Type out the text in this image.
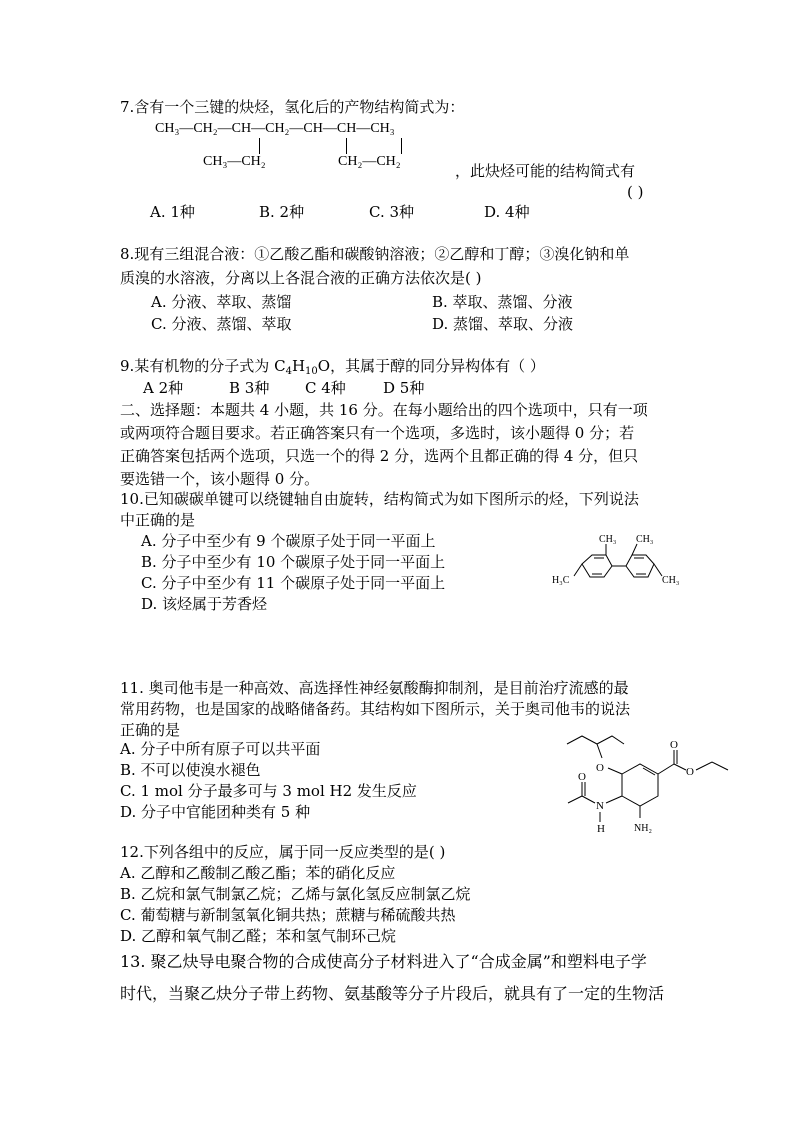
7.含有一个三键的炔烃，氢化后的产物结构简式为：
CH₃—CH₂—CH—CH₂—CH—CH—CH₃
CH₃—CH₂	CH₂—CH₂
，此炔烃可能的结构简式有
( )
A. 1种	B. 2种	C. 3种	D. 4种
8.现有三组混合液：①乙酸乙酯和碳酸钠溶液；②乙醇和丁醇；③溴化钠和单
质溴的水溶液，分离以上各混合液的正确方法依次是( )
A. 分液、萃取、蒸馏	B. 萃取、蒸馏、分液
C. 分液、蒸馏、萃取	D. 蒸馏、萃取、分液
9.某有机物的分子式为 $C_4H_{10}O$，其属于醇的同分异构体有（ ）
A 2种	B 3种 C 4种 D 5种
二、选择题：本题共 4 小题，共 16 分。在每小题给出的四个选项中，只有一项
或两项符合题目要求。若正确答案只有一个选项，多选时，该小题得 0 分；若
正确答案包括两个选项，只选一个的得 2 分，选两个且都正确的得 4 分，但只
要选错一个，该小题得 0 分。
10.已知碳碳单键可以绕键轴自由旋转，结构简式为如下图所示的烃，下列说法
中正确的是
A. 分子中至少有 9 个碳原子处于同一平面上
B. 分子中至少有 10 个碳原子处于同一平面上
C. 分子中至少有 11 个碳原子处于同一平面上
D. 该烃属于芳香烃
CH₃ CH₃
H₃C	CH₃
11. 奥司他韦是一种高效、高选择性神经氨酸酶抑制剂，是目前治疗流感的最
常用药物，也是国家的战略储备药。其结构如下图所示，关于奥司他韦的说法
正确的是
A. 分子中所有原子可以共平面
B. 不可以使溴水褪色
C. 1 mol 分子最多可与 3 mol H2 发生反应
D. 分子中官能团种类有 5 种
O
O
O
N
H
O
NH₂
12.下列各组中的反应，属于同一反应类型的是( )
A. 乙醇和乙酸制乙酸乙酯；苯的硝化反应
B. 乙烷和氯气制氯乙烷；乙烯与氯化氢反应制氯乙烷
C. 葡萄糖与新制氢氧化铜共热；蔗糖与稀硫酸共热
D. 乙醇和氧气制乙醛；苯和氢气制环己烷
13. 聚乙炔导电聚合物的合成使高分子材料进入了“合成金属”和塑料电子学
时代，当聚乙炔分子带上药物、氨基酸等分子片段后，就具有了一定的生物活
